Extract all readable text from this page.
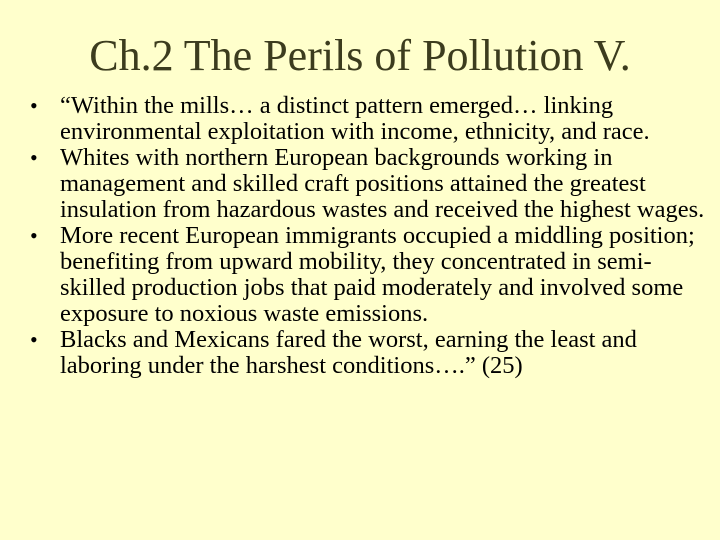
Ch.2 The Perils of Pollution V.
• “Within the mills… a distinct pattern emerged… linking environmental exploitation with income, ethnicity, and race.
• Whites with northern European backgrounds working in management and skilled craft positions attained the greatest insulation from hazardous wastes and received the highest wages.
• More recent European immigrants occupied a middling position; benefiting from upward mobility, they concentrated in semi-skilled production jobs that paid moderately and involved some exposure to noxious waste emissions.
• Blacks and Mexicans fared the worst, earning the least and laboring under the harshest conditions….” (25)
